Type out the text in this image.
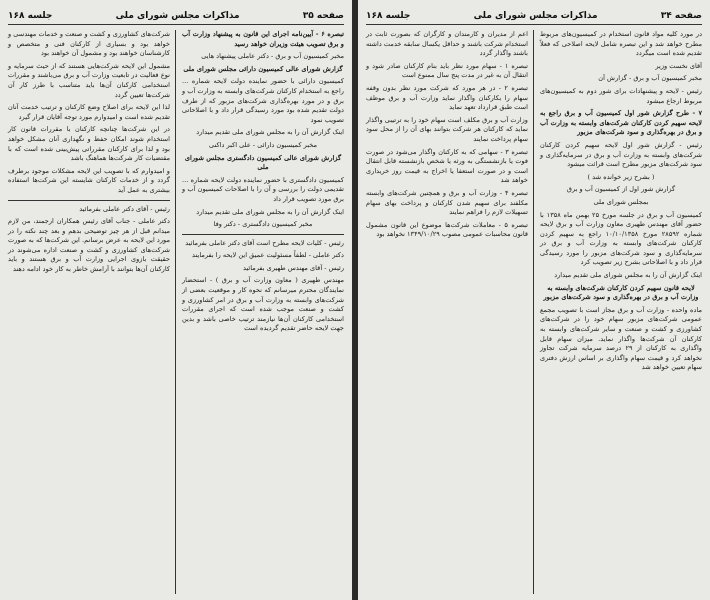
صفحه ۳۵
مذاکرات مجلس شورای ملی
جلسه ۱۶۸

تبصره ۶ - آیین‌نامه اجرای این قانون به پیشنهاد وزارت آب و برق تصویب هیئت وزیران خواهد رسید

مخبر کمیسیون آب و برق - دکتر عاملی پیشنهاد هایی

گزارش شورای عالی کمیسیون دارائی مجلس شورای ملی

کمیسیون دارائی با حضور نماینده دولت لایحه شماره ... راجع به استخدام کارکنان شرکت‌های وابسته به وزارت آب و برق و در مورد بهره‌گذاری شرکت‌های مزبور که از طرف دولت تقدیم شده بود مورد رسیدگی قرار داد و با اصلاحاتی تصویب نمود

اینک گزارش آن را به مجلس شورای ملی تقدیم میدارد

مخبر کمیسیون دارائی - علی اکبر داکنی

گزارش شورای عالی کمیسیون دادگستری مجلس شورای ملی

کمیسیون دادگستری با حضور نماینده دولت لایحه شماره ... تقدیمی دولت را بررسی و آن را با اصلاحات کمیسیون آب و برق مورد تصویب قرار داد

اینک گزارش آن را به مجلس شورای ملی تقدیم میدارد

مخبر کمیسیون دادگستری - دکتر وفا

رئیس - کلیات لایحه مطرح است آقای دکتر عاملی بفرمائید

دکتر عاملی - لطفاً مسئولیت عمیق این لایحه را بفرمایند

رئیس - آقای مهندس طهیری بفرمائید

مهندس طهیری ( معاون وزارت آب و برق ) - استحضار نمایندگان محترم میرسانم که نحوه کار و موقعیت بعضی از شرکت‌های وابسته به وزارت آب و برق در امر کشاورزی و کشت و صنعت موجب شده است که اجرای مقررات استخدامی کارکنان آن‌ها نیازمند ترتیب خاصی باشد و بدین جهت لایحه حاضر تقدیم گردیده است

شرکت‌های کشاورزی و کشت و صنعت و خدمات مهندسی و خواهد بود و بسیاری از کارکنان فنی و متخصص و کارشناسان خواهند بود و مشمول آن خواهند بود

مشمول این لایحه شرکت‌هایی هستند که از حیث سرمایه و نوع فعالیت در تابعیت وزارت آب و برق می‌باشند و مقررات استخدامی کارکنان آن‌ها باید متناسب با طرز کار آن شرکت‌ها تعیین گردد

لذا این لایحه برای اصلاح وضع کارکنان و ترتیب خدمت آنان تقدیم شده است و امیدوارم مورد توجه آقایان قرار گیرد

در این شرکت‌ها چنانچه کارکنان با مقررات قانون کار استخدام شوند امکان حفظ و نگهداری آنان مشکل خواهد بود و لذا برای کارکنان مقرراتی پیش‌بینی شده است که با مقتضیات کار شرکت‌ها هماهنگ باشد

و امیدوارم که با تصویب این لایحه مشکلات موجود برطرف گردد و از خدمات کارکنان شایسته این شرکت‌ها استفاده بیشتری به عمل آید

رئیس - آقای دکتر عاملی بفرمائید

دکتر عاملی - جناب آقای رئیس همکاران ارجمند، من لازم میدانم قبل از هر چیز توضیحی بدهم و بعد چند نکته را در مورد این لایحه به عرض برسانم. این شرکت‌ها که به صورت شرکت‌های کشاورزی و کشت و صنعت اداره می‌شوند در حقیقت بازوی اجرایی وزارت آب و برق هستند و باید کارکنان آن‌ها بتوانند با آرامش خاطر به کار خود ادامه دهند

صفحه ۳۴
مذاکرات مجلس شورای ملی
جلسه ۱۶۸

در مورد کلیه مواد قانون استخدام در کمیسیون‌های مربوط مطرح خواهد شد و این تبصره شامل لایحه اصلاحی که فعلاً تقدیم شده است میگردد

آقای نخست وزیر

مخبر کمیسیون آب و برق - گزارش آن

رئیس - لایحه و پیشنهادات برای شور دوم به کمیسیون‌های مربوط ارجاع میشود

۷ - طرح گزارش شور اول کمیسیون آب و برق راجع به لایحه سهیم کردن کارکنان شرکت‌های وابسته به وزارت آب و برق در بهره‌گذاری و سود شرکت‌های مزبور

رئیس - گزارش شور اول لایحه سهیم کردن کارکنان شرکت‌های وابسته به وزارت آب و برق در سرمایه‌گذاری و سود شرکت‌های مزبور مطرح است قرائت میشود

( بشرح زیر خوانده شد )

گزارش شور اول از کمیسیون آب و برق

بمجلس شورای ملی

کمیسیون آب و برق در جلسه مورخ ۲۵ بهمن ماه ۱۳۵۸ با حضور آقای مهندس طهیری معاون وزارت آب و برق لایحه شماره ۲۸۵۹۲ مورخ ۱۰/۱۰/۱۳۵۸ راجع به سهیم کردن کارکنان شرکت‌های وابسته به وزارت آب و برق در سرمایه‌گذاری و سود شرکت‌های مزبور را مورد رسیدگی قرار داد و با اصلاحاتی بشرح زیر تصویب کرد

اینک گزارش آن را به مجلس شورای ملی تقدیم میدارد

لایحه قانون سهیم کردن کارکنان شرکت‌های وابسته به وزارت آب و برق در بهره‌گذاری و سود شرکت‌های مزبور

ماده واحده - وزارت آب و برق مجاز است با تصویب مجمع عمومی شرکت‌های مزبور سهام خود را در شرکت‌های کشاورزی و کشت و صنعت و سایر شرکت‌های وابسته به کارکنان آن شرکت‌ها واگذار نماید. میزان سهام قابل واگذاری به کارکنان از ۲۹ درصد سرمایه شرکت تجاوز نخواهد کرد و قیمت سهام واگذاری بر اساس ارزش دفتری سهام تعیین خواهد شد

اعم از مدیران و کارمندان و کارگران که بصورت ثابت در استخدام شرکت باشند و حداقل یکسال سابقه خدمت داشته باشند واگذار گردد

تبصره ۱ - سهام مورد نظر باید بنام کارکنان صادر شود و انتقال آن به غیر در مدت پنج سال ممنوع است

تبصره ۲ - در هر مورد که شرکت مورد نظر بدون وقفه سهام را بکارکنان واگذار نماید وزارت آب و برق موظف است طبق قرارداد تعهد نماید

وزارت آب و برق مکلف است سهام خود را به ترتیبی واگذار نماید که کارکنان هر شرکت بتوانند بهای آن را از محل سود سهام پرداخت نمایند

تبصره ۳ - سهامی که به کارکنان واگذار می‌شود در صورت فوت یا بازنشستگی به ورثه یا شخص بازنشسته قابل انتقال است و در صورت استعفا یا اخراج به قیمت روز خریداری خواهد شد

تبصره ۴ - وزارت آب و برق و همچنین شرکت‌های وابسته مکلفند برای سهیم شدن کارکنان و پرداخت بهای سهام تسهیلات لازم را فراهم نمایند

تبصره ۵ - معاملات شرکت‌ها موضوع این قانون مشمول قانون محاسبات عمومی مصوب ۱۳۴۹/۱۰/۲۹ نخواهد بود
